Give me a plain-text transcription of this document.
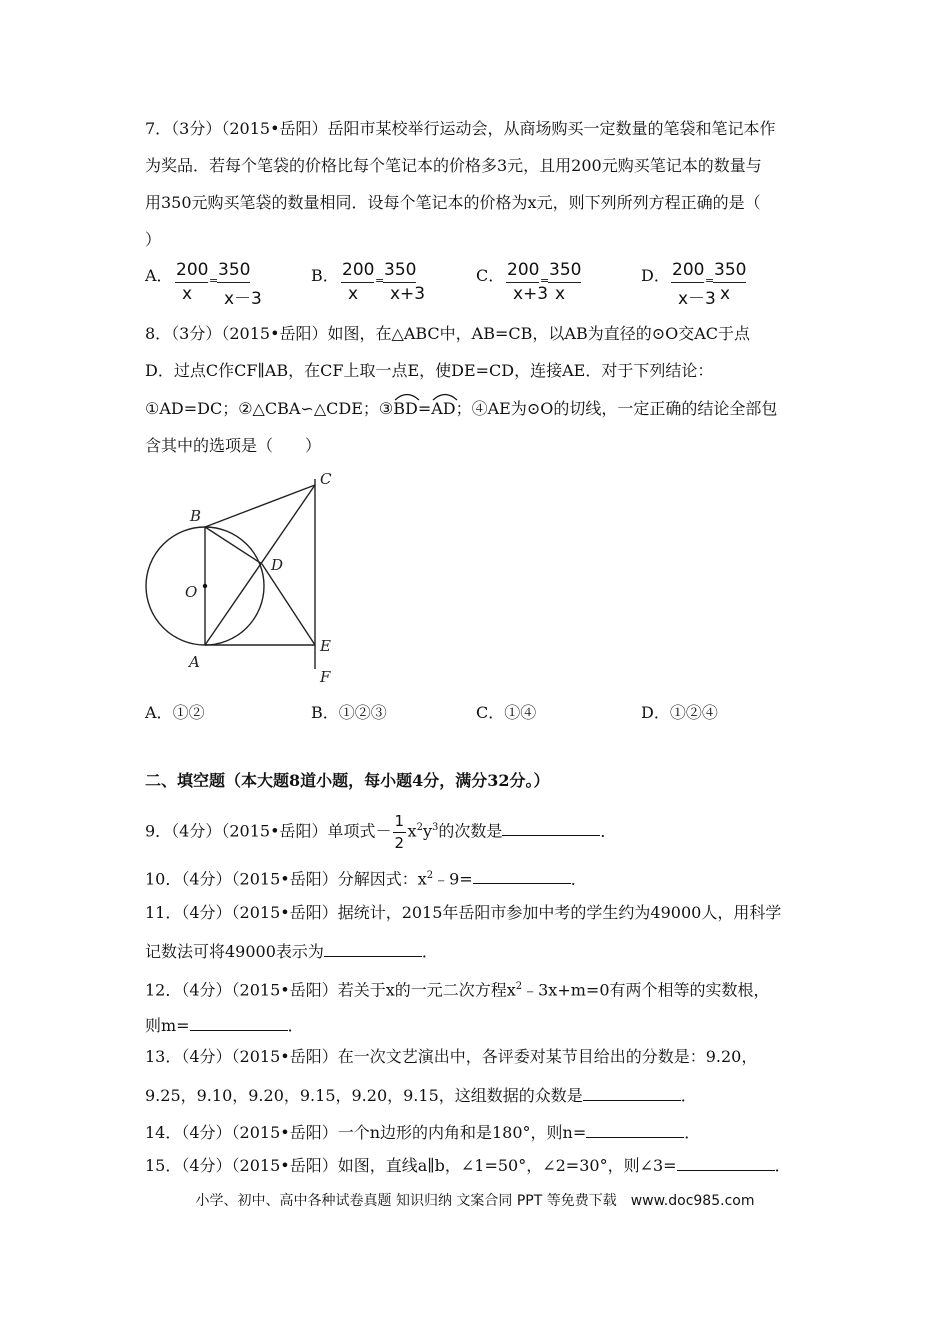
7．（3分）（2015•岳阳）岳阳市某校举行运动会，从商场购买一定数量的笔袋和笔记本作
为奖品．若每个笔袋的价格比每个笔记本的价格多3元，且用200元购买笔记本的数量与
用350元购买笔袋的数量相同．设每个笔记本的价格为x元，则下列所列方程正确的是（
）
A． 200
x
=
350
x－3
B． 200
x
=
350
x+3
C． 200
x+3
=
350
x
D． 200
x－3
=
350
x
8．（3分）（2015•岳阳）如图，在△ABC中，AB=CB，以AB为直径的⊙O交AC于点
D．过点C作CF∥AB，在CF上取一点E，使DE=CD，连接AE．对于下列结论：
①AD=DC；②△CBA∽△CDE；③
BD=
AD；④AE为⊙O的切线，一定正确的结论全部包
含其中的选项是（　　）
B
C
O
D
A
E
F
A．①②	B．①②③	C．①④	D．①②④
二、填空题（本大题8道小题，每小题4分，满分32分。）
9．（4分）（2015•岳阳）单项式－ $\frac{1}{2} x^2y^3$的次数是	．
10．（4分）（2015•岳阳）分解因式：$x^2﹣9=$	．
11．（4分）（2015•岳阳）据统计，2015年岳阳市参加中考的学生约为49000人，用科学
记数法可将49000表示为	．
12．（4分）（2015•岳阳）若关于x的一元二次方程$x^2﹣3x+m=0$有两个相等的实数根，
则m=	．
13．（4分）（2015•岳阳）在一次文艺演出中，各评委对某节目给出的分数是：9.20，
9.25，9.10，9.20，9.15，9.20，9.15，这组数据的众数是	．
14．（4分）（2015•岳阳）一个n边形的内角和是180°，则n=	．
15．（4分）（2015•岳阳）如图，直线a∥b，∠1=50°，∠2=30°，则∠3=	．
小学、初中、高中各种试卷真题 知识归纳 文案合同 PPT 等免费下载　www.doc985.com
